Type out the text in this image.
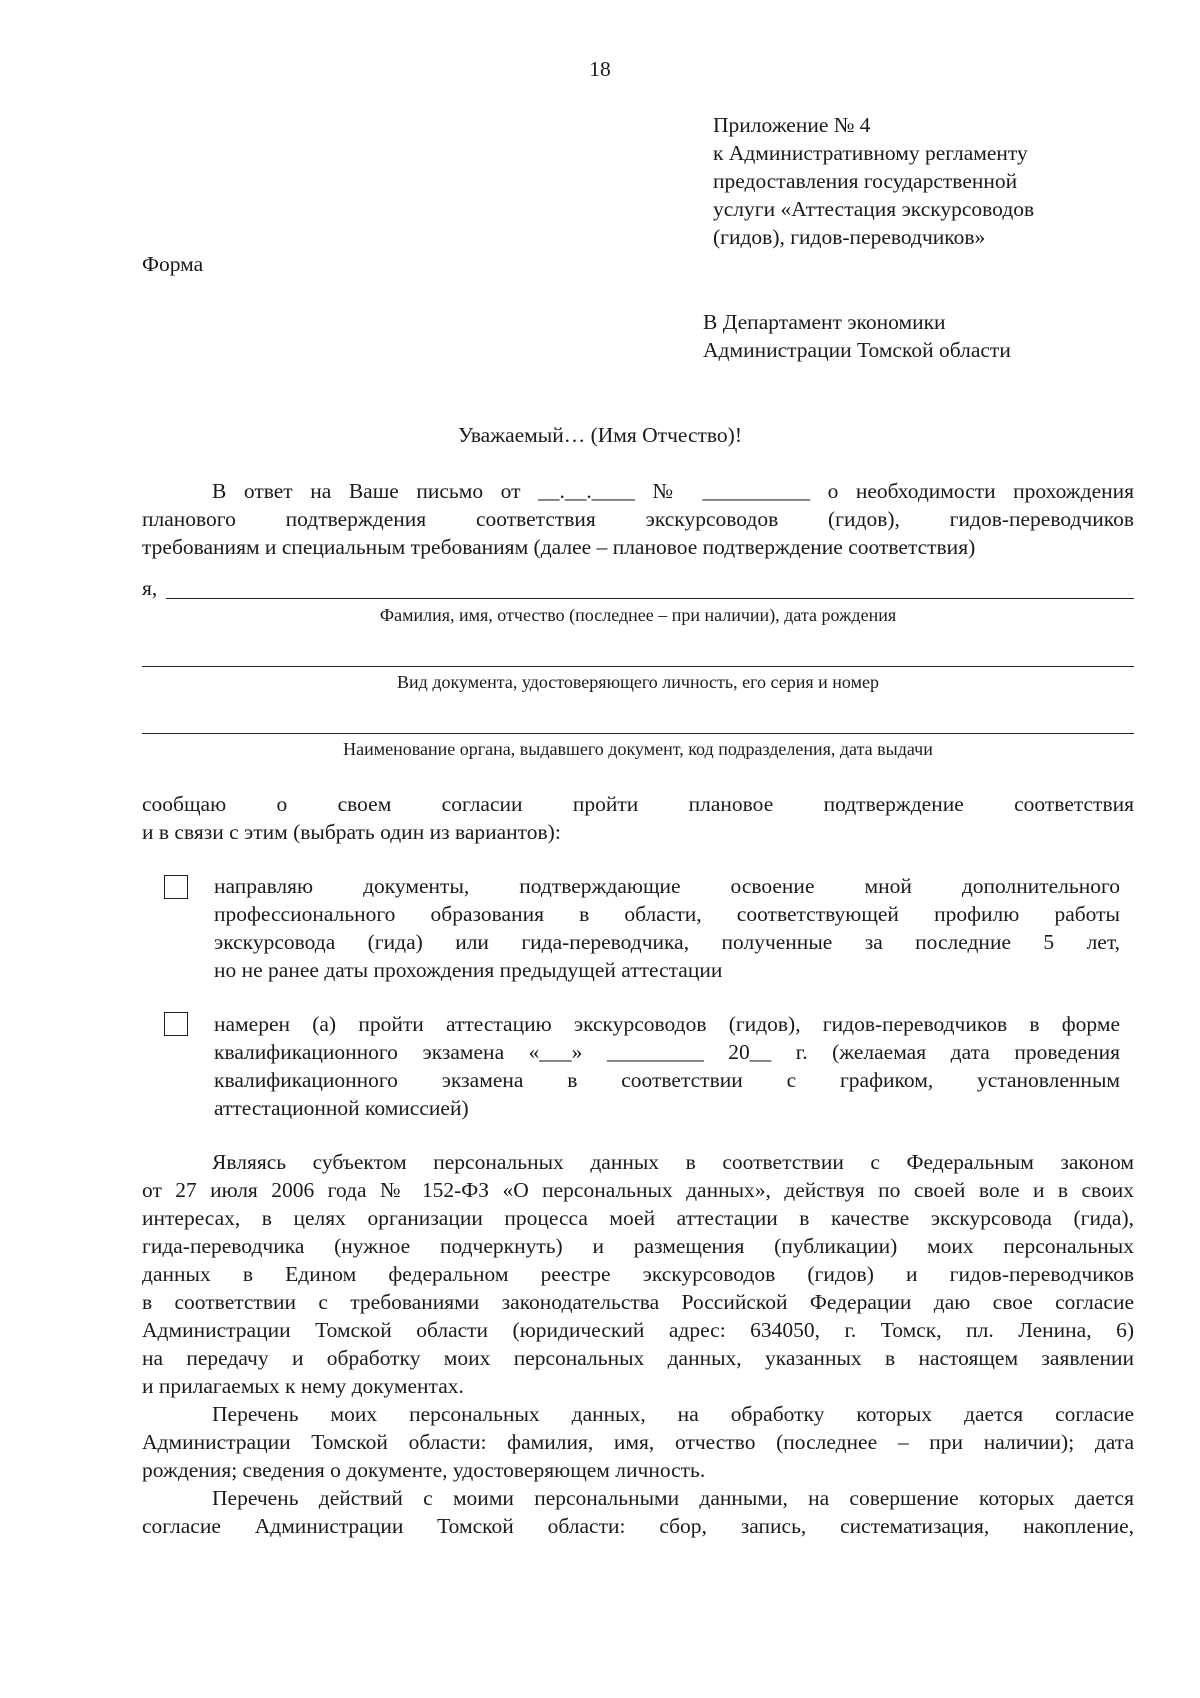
18
Приложение № 4
к Административному регламенту
предоставления государственной
услуги «Аттестация экскурсоводов
(гидов), гидов-переводчиков»
Форма
В Департамент экономики
Администрации Томской области
Уважаемый… (Имя Отчество)!
В ответ на Ваше письмо от __.__.____ № __________ о необходимости прохождения
планового подтверждения соответствия экскурсоводов (гидов), гидов-переводчиков
требованиям и специальным требованиям (далее – плановое подтверждение соответствия)
я,
Фамилия, имя, отчество (последнее – при наличии), дата рождения
Вид документа, удостоверяющего личность, его серия и номер
Наименование органа, выдавшего документ, код подразделения, дата выдачи
сообщаю о своем согласии пройти плановое подтверждение соответствия
и в связи с этим (выбрать один из вариантов):
направляю документы, подтверждающие освоение мной дополнительного
профессионального образования в области, соответствующей профилю работы
экскурсовода (гида) или гида-переводчика, полученные за последние 5 лет,
но не ранее даты прохождения предыдущей аттестации
намерен (а) пройти аттестацию экскурсоводов (гидов), гидов-переводчиков в форме
квалификационного экзамена «___» _________ 20__ г. (желаемая дата проведения
квалификационного экзамена в соответствии с графиком, установленным
аттестационной комиссией)
Являясь субъектом персональных данных в соответствии с Федеральным законом
от 27 июля 2006 года № 152-ФЗ «О персональных данных», действуя по своей воле и в своих
интересах, в целях организации процесса моей аттестации в качестве экскурсовода (гида),
гида-переводчика (нужное подчеркнуть) и размещения (публикации) моих персональных
данных в Едином федеральном реестре экскурсоводов (гидов) и гидов-переводчиков
в соответствии с требованиями законодательства Российской Федерации даю свое согласие
Администрации Томской области (юридический адрес: 634050, г. Томск, пл. Ленина, 6)
на передачу и обработку моих персональных данных, указанных в настоящем заявлении
и прилагаемых к нему документах.
Перечень моих персональных данных, на обработку которых дается согласие
Администрации Томской области: фамилия, имя, отчество (последнее – при наличии); дата
рождения; сведения о документе, удостоверяющем личность.
Перечень действий с моими персональными данными, на совершение которых дается
согласие Администрации Томской области: сбор, запись, систематизация, накопление,
